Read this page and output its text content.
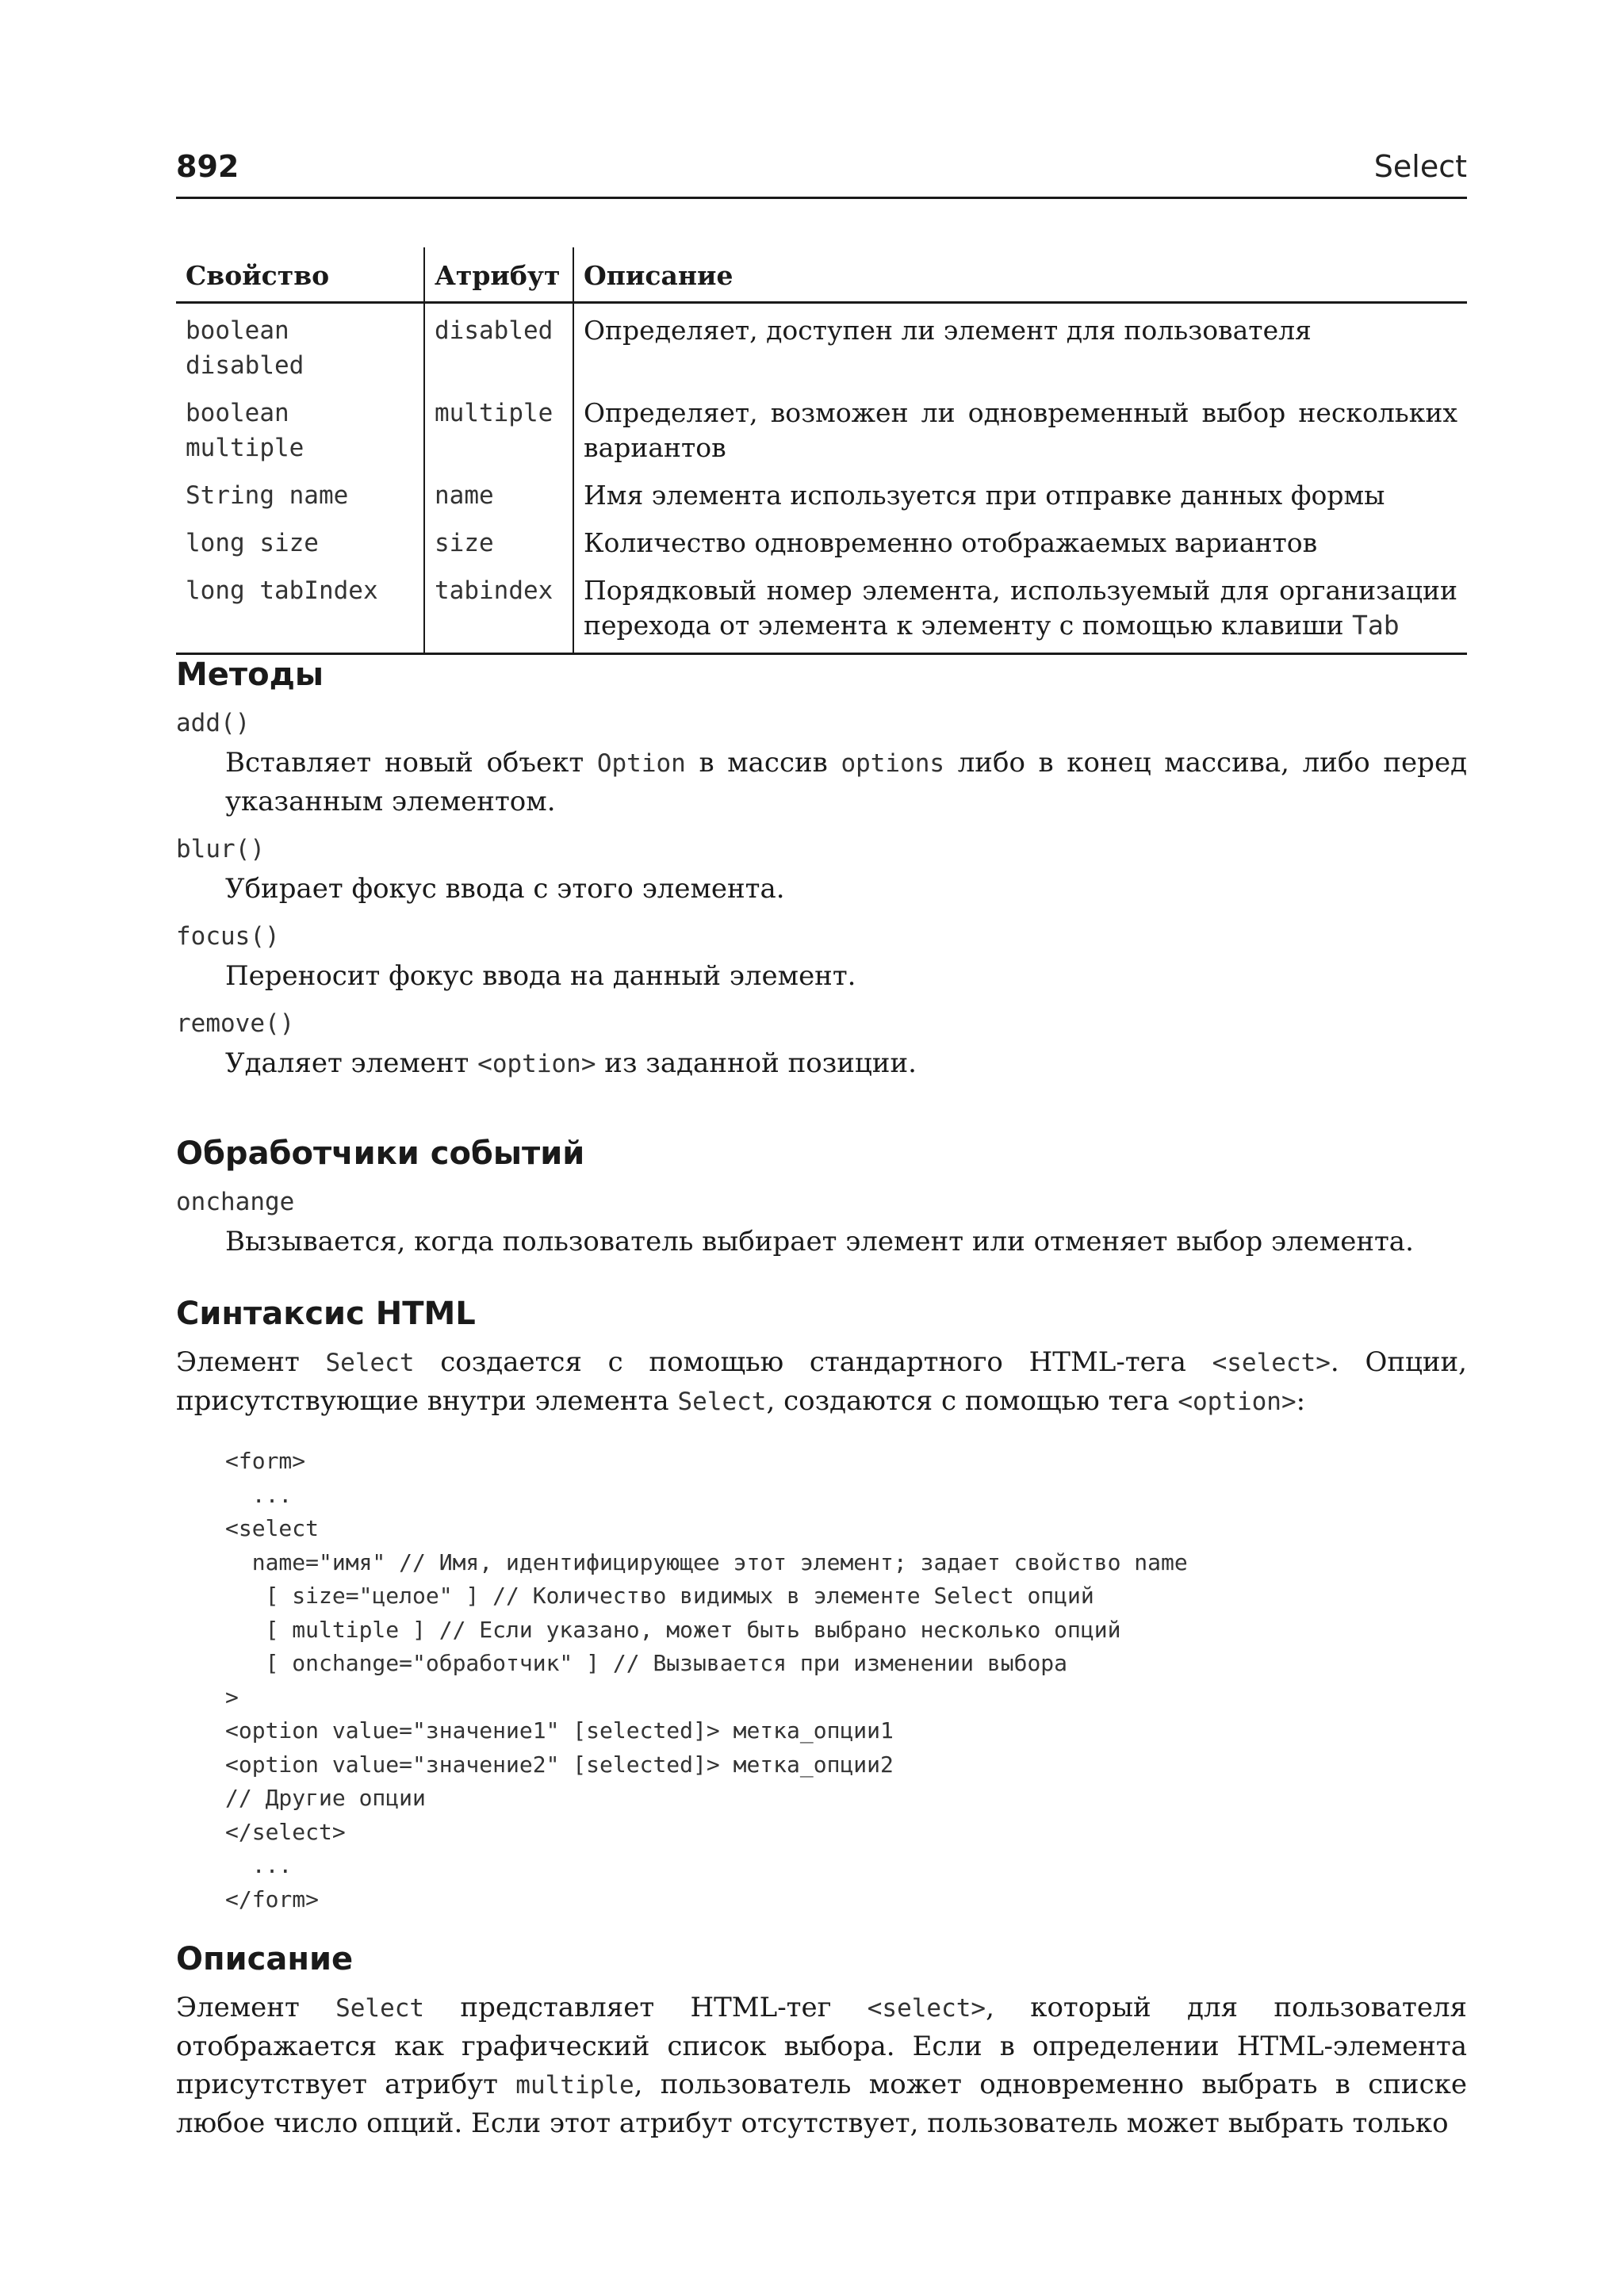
892	Select
Свойство	Атрибут	Описание
boolean disabled	disabled	Определяет, доступен ли элемент для пользователя
boolean multiple	multiple	Определяет, возможен ли одновременный выбор нескольких вариантов
String name	name	Имя элемента используется при отправке данных формы
long size	size	Количество одновременно отображаемых вариантов
long tabIndex	tabindex	Порядковый номер элемента, используемый для организации перехода от элемента к элементу с помощью клавиши Tab
Методы
add()
Вставляет новый объект Option в массив options либо в конец массива, либо перед указанным элементом.
blur()
Убирает фокус ввода с этого элемента.
focus()
Переносит фокус ввода на данный элемент.
remove()
Удаляет элемент <option> из заданной позиции.
Обработчики событий
onchange
Вызывается, когда пользователь выбирает элемент или отменяет выбор элемента.
Синтаксис HTML
Элемент Select создается с помощью стандартного HTML-тега <select>. Опции, присутствующие внутри элемента Select, создаются с помощью тега <option>:
<form>
...
<select
name="имя" // Имя, идентифицирующее этот элемент; задает свойство name
[ size="целое" ] // Количество видимых в элементе Select опций
[ multiple ] // Если указано, может быть выбрано несколько опций
[ onchange="обработчик" ] // Вызывается при изменении выбора
>
<option value="значение1" [selected]> метка_опции1
<option value="значение2" [selected]> метка_опции2
// Другие опции
</select>
...
</form>
Описание
Элемент Select представляет HTML-тег <select>, который для пользователя отображается как графический список выбора. Если в определении HTML-элемента присутствует атрибут multiple, пользователь может одновременно выбрать в списке любое число опций. Если этот атрибут отсутствует, пользователь может выбрать только
